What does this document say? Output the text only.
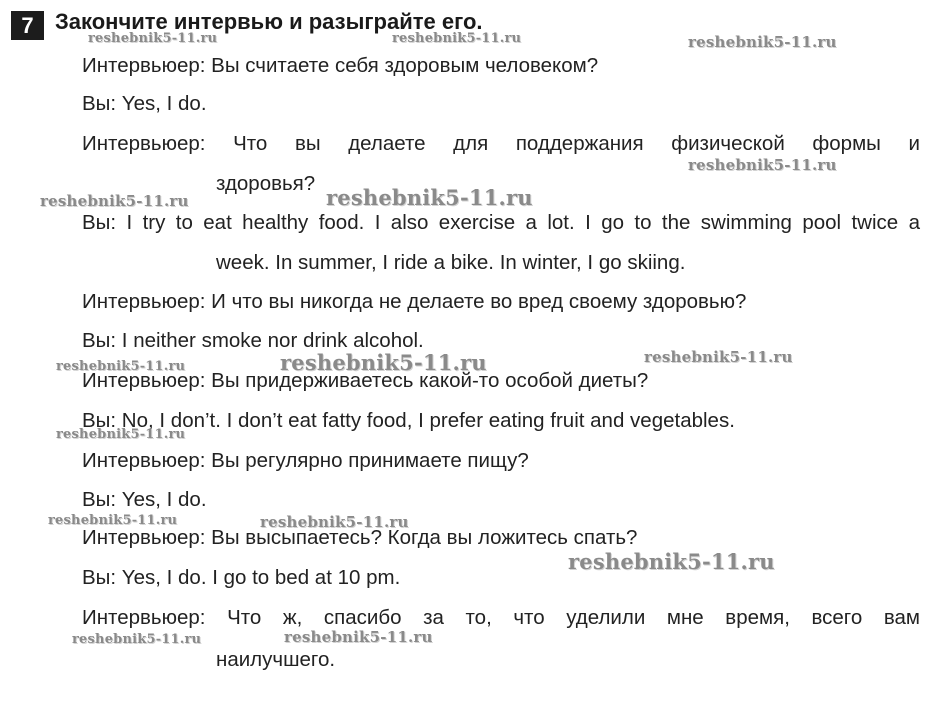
7 Закончите интервью и разыграйте его.
Интервьюер: Вы считаете себя здоровым человеком?
Вы: Yes, I do.
Интервьюер: Что вы делаете для поддержания физической формы и
здоровья?
Вы: I try to eat healthy food. I also exercise a lot. I go to the swimming pool twice a
week. In summer, I ride a bike. In winter, I go skiing.
Интервьюер: И что вы никогда не делаете во вред своему здоровью?
Вы: I neither smoke nor drink alcohol.
Интервьюер: Вы придерживаетесь какой-то особой диеты?
Вы: No, I don’t. I don’t eat fatty food, I prefer eating fruit and vegetables.
Интервьюер: Вы регулярно принимаете пищу?
Вы: Yes, I do.
Интервьюер: Вы высыпаетесь? Когда вы ложитесь спать?
Вы: Yes, I do. I go to bed at 10 pm.
Интервьюер: Что ж, спасибо за то, что уделили мне время, всего вам
наилучшего.
reshebnik5-11.ru	reshebnik5-11.ru	reshebnik5-11.ru
reshebnik5-11.ru
reshebnik5-11.ru	reshebnik5-11.ru
reshebnik5-11.ru	reshebnik5-11.ru	reshebnik5-11.ru
reshebnik5-11.ru
reshebnik5-11.ru	reshebnik5-11.ru
reshebnik5-11.ru
reshebnik5-11.ru	reshebnik5-11.ru
